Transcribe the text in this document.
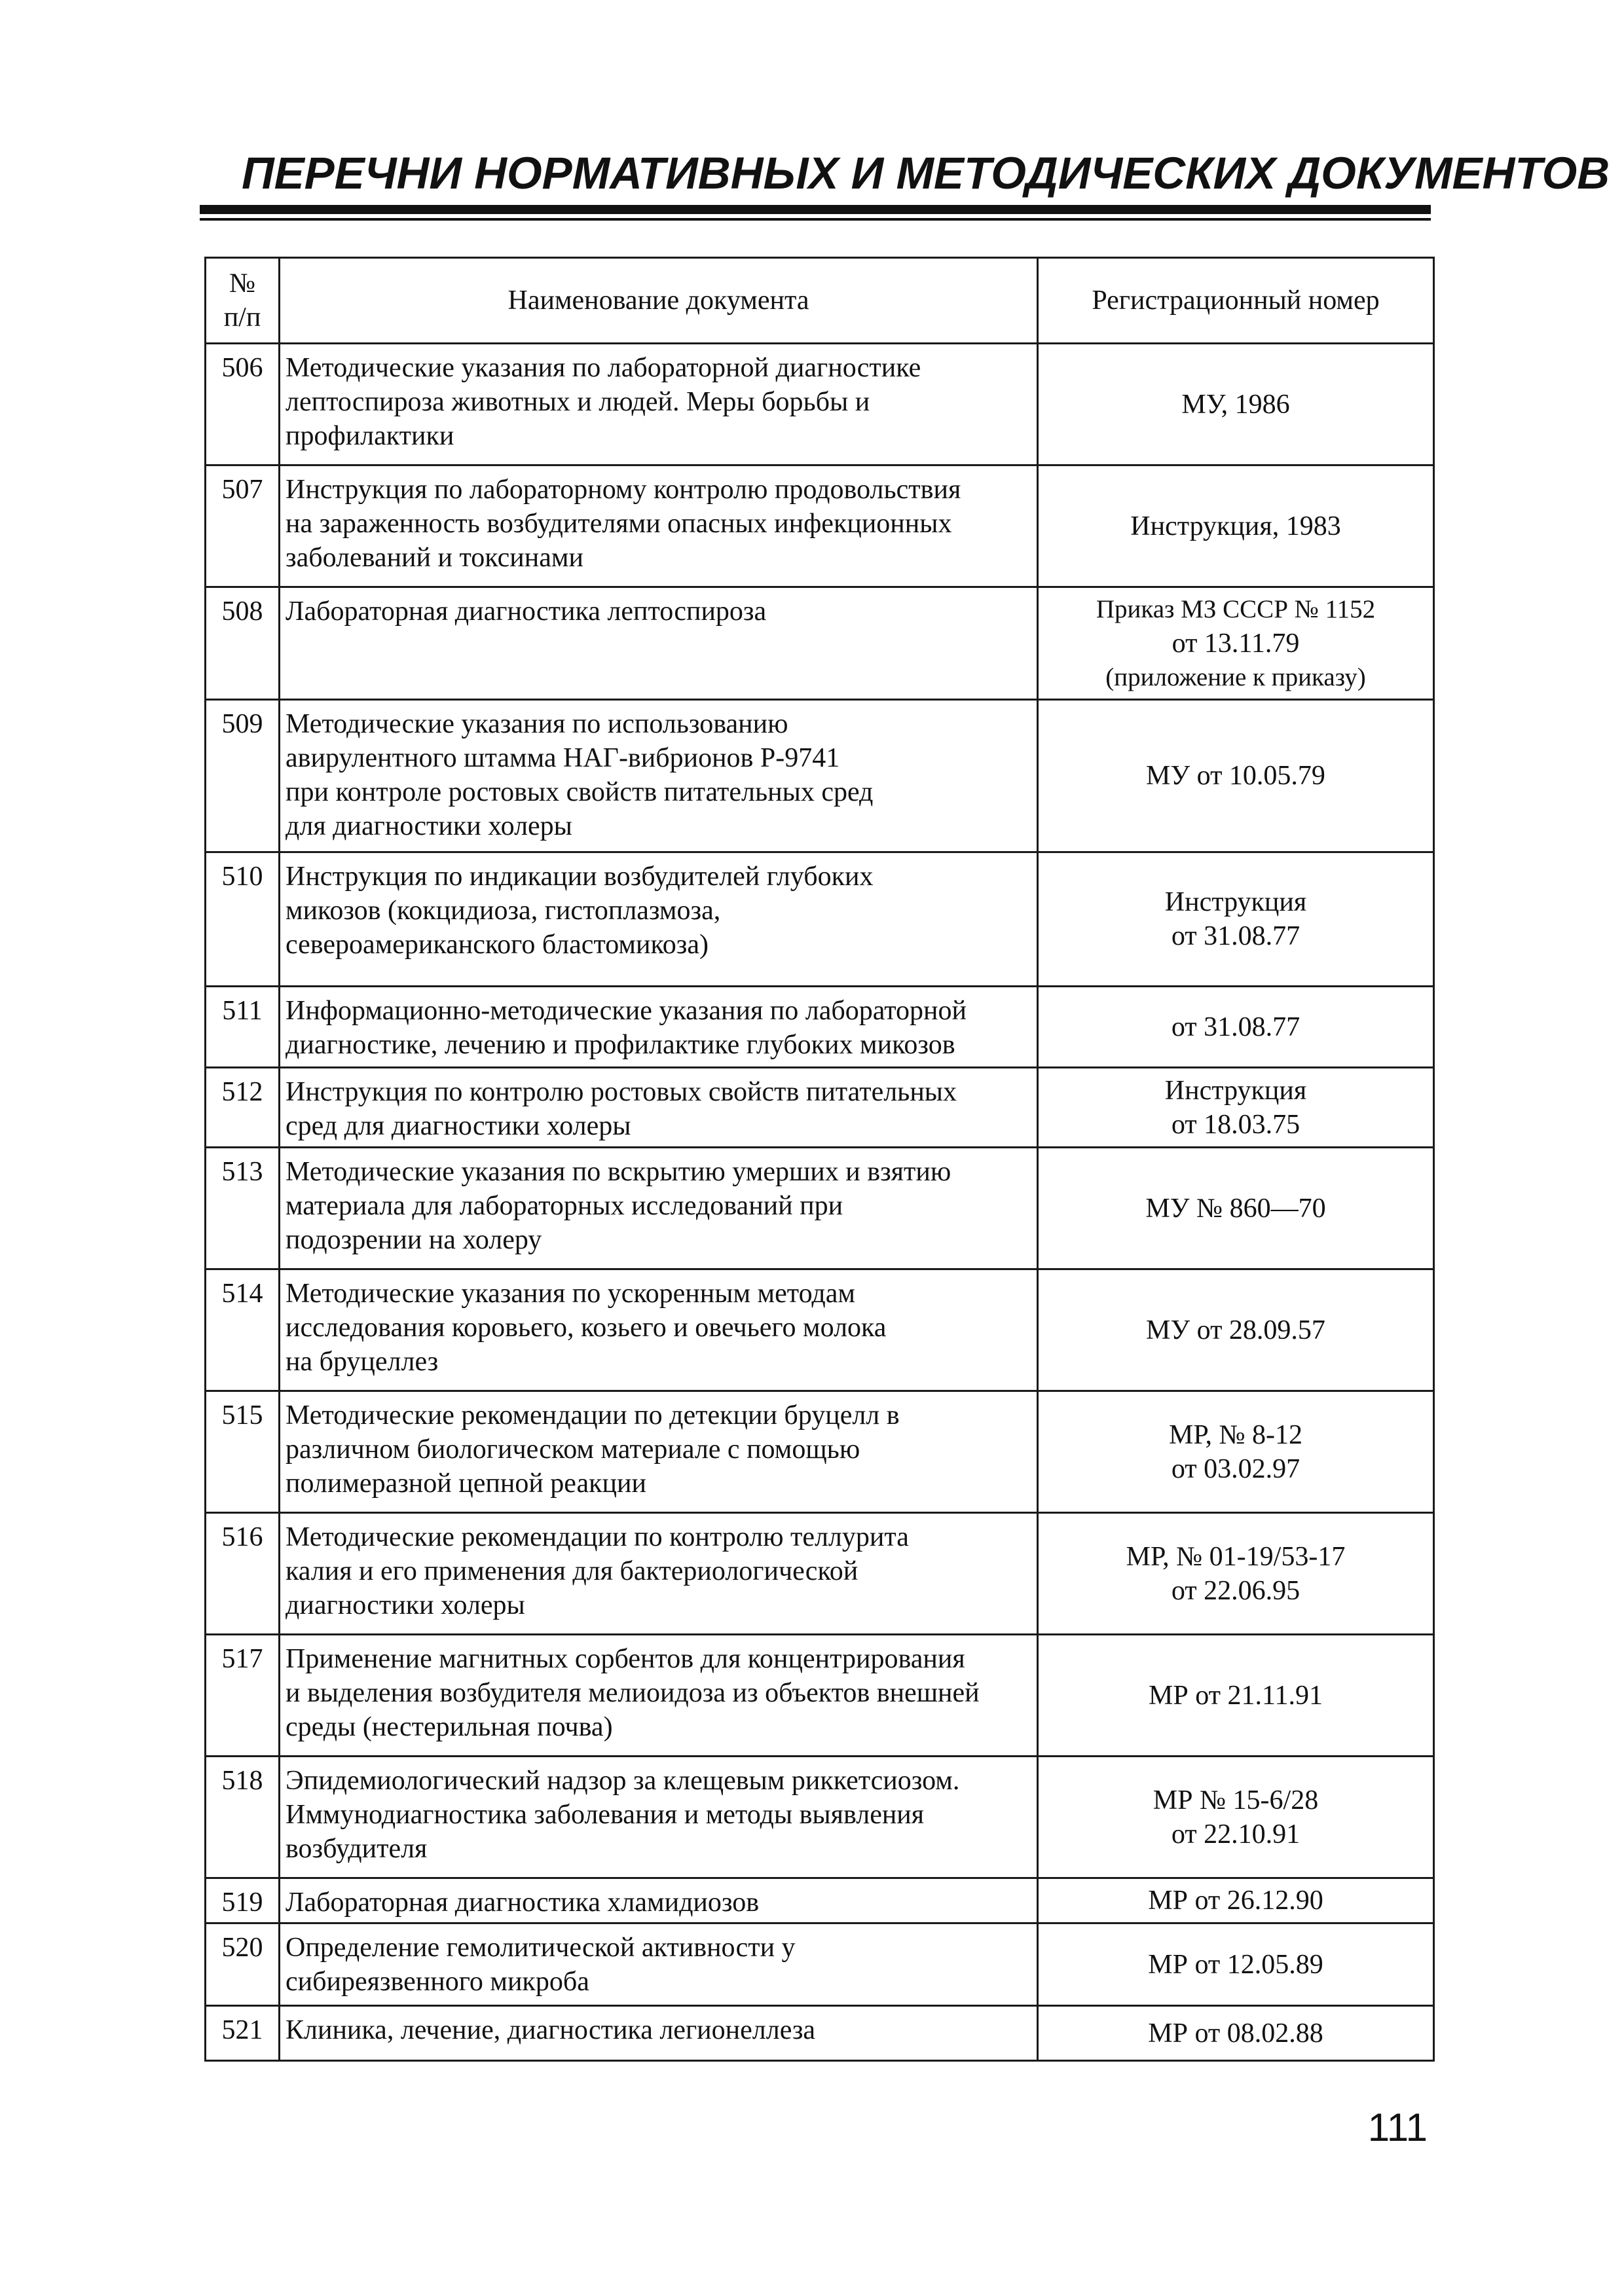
ПЕРЕЧНИ НОРМАТИВНЫХ И МЕТОДИЧЕСКИХ ДОКУМЕНТОВ
№
п/п	Наименование документа	Регистрационный номер
506	Методические указания по лабораторной диагностике
лептоспироза животных и людей. Меры борьбы и
профилактики	МУ, 1986

507	Инструкция по лабораторному контролю продовольствия
на зараженность возбудителями опасных инфекционных
заболеваний и токсинами	Инструкция, 1983

508	Лабораторная диагностика лептоспироза	Приказ МЗ СССР № 1152
от 13.11.79
(приложение к приказу)

509	Методические указания по использованию
авирулентного штамма НАГ-вибрионов Р-9741
при контроле ростовых свойств питательных сред
для диагностики холеры	МУ от 10.05.79

510	Инструкция по индикации возбудителей глубоких
микозов (кокцидиоза, гистоплазмоза,
североамериканского бластомикоза)	Инструкция
от 31.08.77

511	Информационно-методические указания по лабораторной
диагностике, лечению и профилактике глубоких микозов	от 31.08.77

512	Инструкция по контролю ростовых свойств питательных
сред для диагностики холеры	Инструкция
от 18.03.75

513	Методические указания по вскрытию умерших и взятию
материала для лабораторных исследований при
подозрении на холеру	МУ № 860—70

514	Методические указания по ускоренным методам
исследования коровьего, козьего и овечьего молока
на бруцеллез	МУ от 28.09.57

515	Методические рекомендации по детекции бруцелл в
различном биологическом материале с помощью
полимеразной цепной реакции	МР, № 8-12
от 03.02.97

516	Методические рекомендации по контролю теллурита
калия и его применения для бактериологической
диагностики холеры	МР, № 01-19/53-17
от 22.06.95

517	Применение магнитных сорбентов для концентрирования
и выделения возбудителя мелиоидоза из объектов внешней
среды (нестерильная почва)	МР от 21.11.91

518	Эпидемиологический надзор за клещевым риккетсиозом.
Иммунодиагностика заболевания и методы выявления
возбудителя	МР № 15-6/28
от 22.10.91

519	Лабораторная диагностика хламидиозов	МР от 26.12.90

520	Определение гемолитической активности у
сибиреязвенного микроба	МР от 12.05.89

521	Клиника, лечение, диагностика легионеллеза	МР от 08.02.88
111
